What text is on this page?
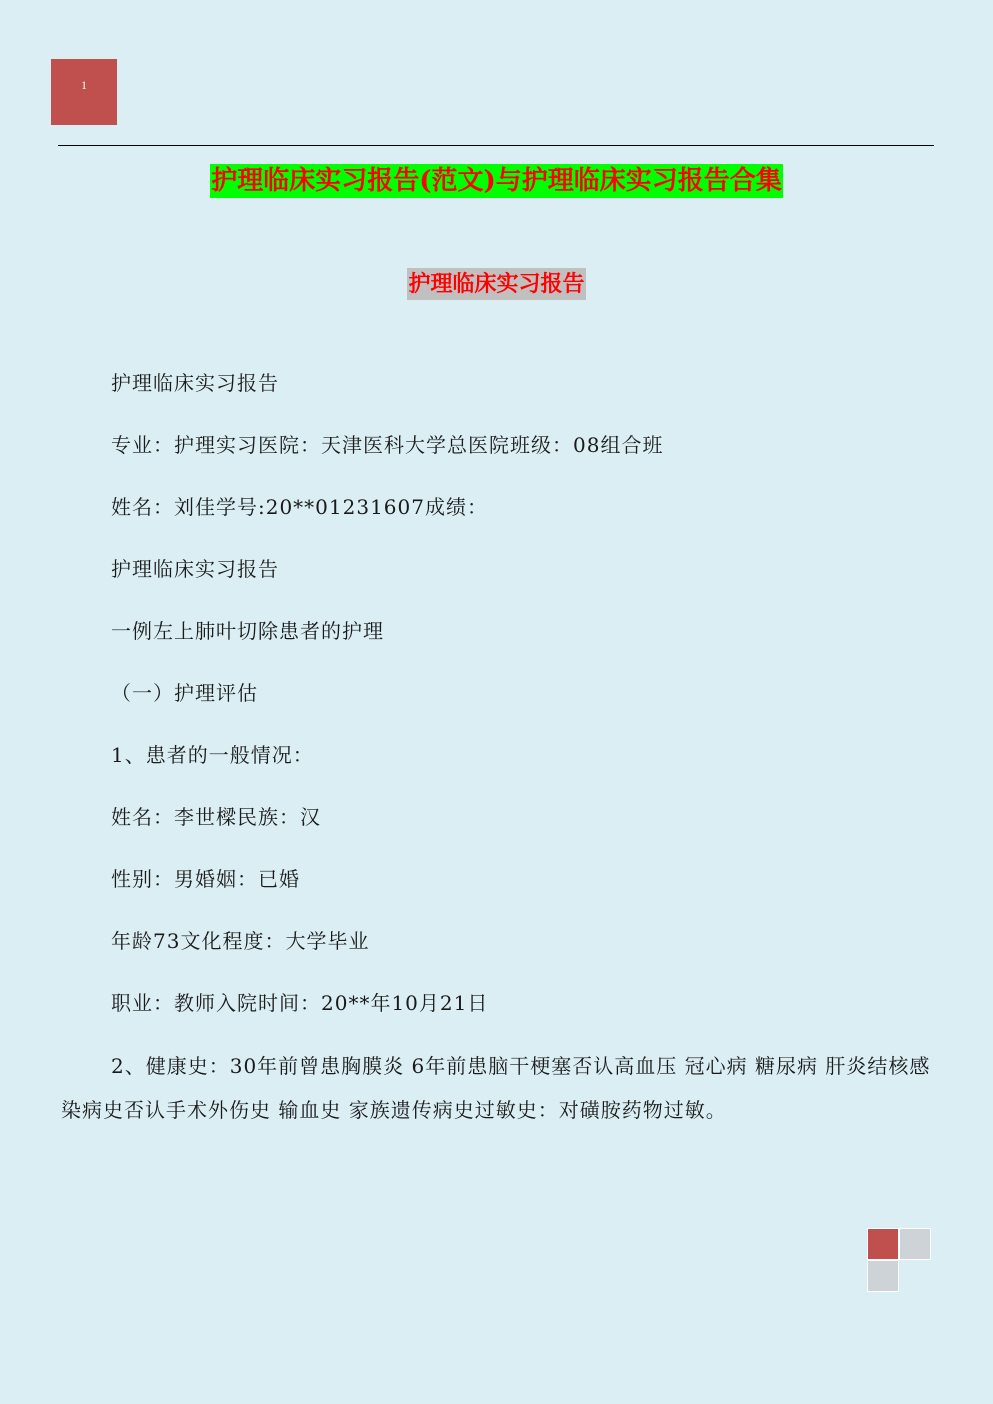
1
护理临床实习报告(范文)与护理临床实习报告合集
护理临床实习报告
护理临床实习报告
专业：护理实习医院：天津医科大学总医院班级：08组合班
姓名：刘佳学号:20**01231607成绩：
护理临床实习报告
一例左上肺叶切除患者的护理
（一）护理评估
1、患者的一般情况：
姓名：李世樑民族：汉
性别：男婚姻：已婚
年龄73文化程度：大学毕业
职业：教师入院时间：20**年10月21日
2、健康史：30年前曾患胸膜炎 6年前患脑干梗塞否认高血压 冠心病 糖尿病 肝炎结核感染病史否认手术外伤史 输血史 家族遗传病史过敏史：对磺胺药物过敏。
